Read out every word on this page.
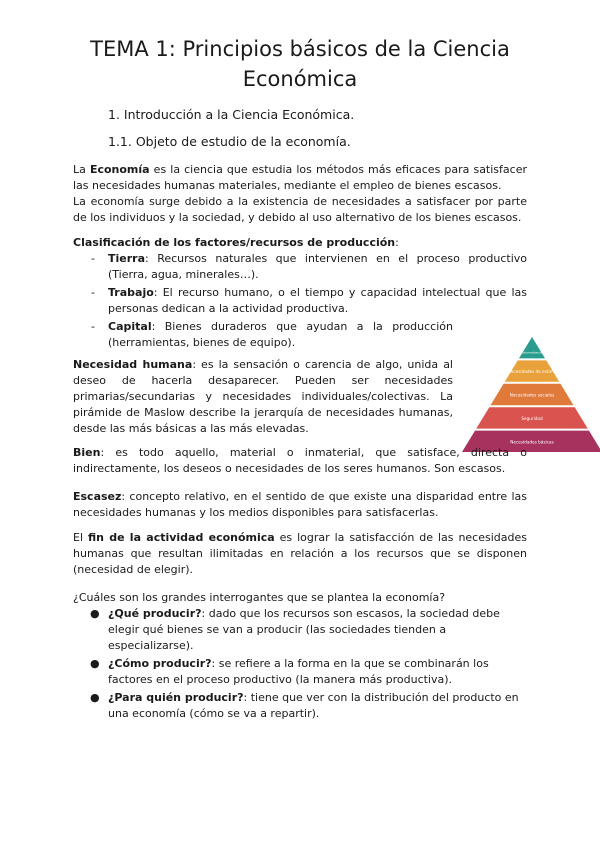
TEMA 1: Principios básicos de la Ciencia Económica
1. Introducción a la Ciencia Económica.
1.1. Objeto de estudio de la economía.

La Economía es la ciencia que estudia los métodos más eficaces para satisfacer las necesidades humanas materiales, mediante el empleo de bienes escasos.

La economía surge debido a la existencia de necesidades a satisfacer por parte de los individuos y la sociedad, y debido al uso alternativo de los bienes escasos.

Clasificación de los factores/recursos de producción:

- Tierra: Recursos naturales que intervienen en el proceso productivo (Tierra, agua, minerales…).
- Trabajo: El recurso humano, o el tiempo y capacidad intelectual que las personas dedican a la actividad productiva.
- Capital: Bienes duraderos que ayudan a la producción (herramientas, bienes de equipo).

Necesidad humana: es la sensación o carencia de algo, unida al deseo de hacerla desaparecer. Pueden ser necesidades primarias/secundarias y necesidades individuales/colectivas. La pirámide de Maslow describe la jerarquía de necesidades humanas, desde las más básicas a las más elevadas.

Autorrealización
Necesidades de estima
Necesidades sociales
Seguridad
Necesidades básicas

Bien: es todo aquello, material o inmaterial, que satisface, directa o indirectamente, los deseos o necesidades de los seres humanos. Son escasos.

Escasez: concepto relativo, en el sentido de que existe una disparidad entre las necesidades humanas y los medios disponibles para satisfacerlas.

El fin de la actividad económica es lograr la satisfacción de las necesidades humanas que resultan ilimitadas en relación a los recursos que se disponen (necesidad de elegir).

¿Cuáles son los grandes interrogantes que se plantea la economía?

● ¿Qué producir?: dado que los recursos son escasos, la sociedad debe elegir qué bienes se van a producir (las sociedades tienden a especializarse).
● ¿Cómo producir?: se refiere a la forma en la que se combinarán los factores en el proceso productivo (la manera más productiva).
● ¿Para quién producir?: tiene que ver con la distribución del producto en una economía (cómo se va a repartir).
